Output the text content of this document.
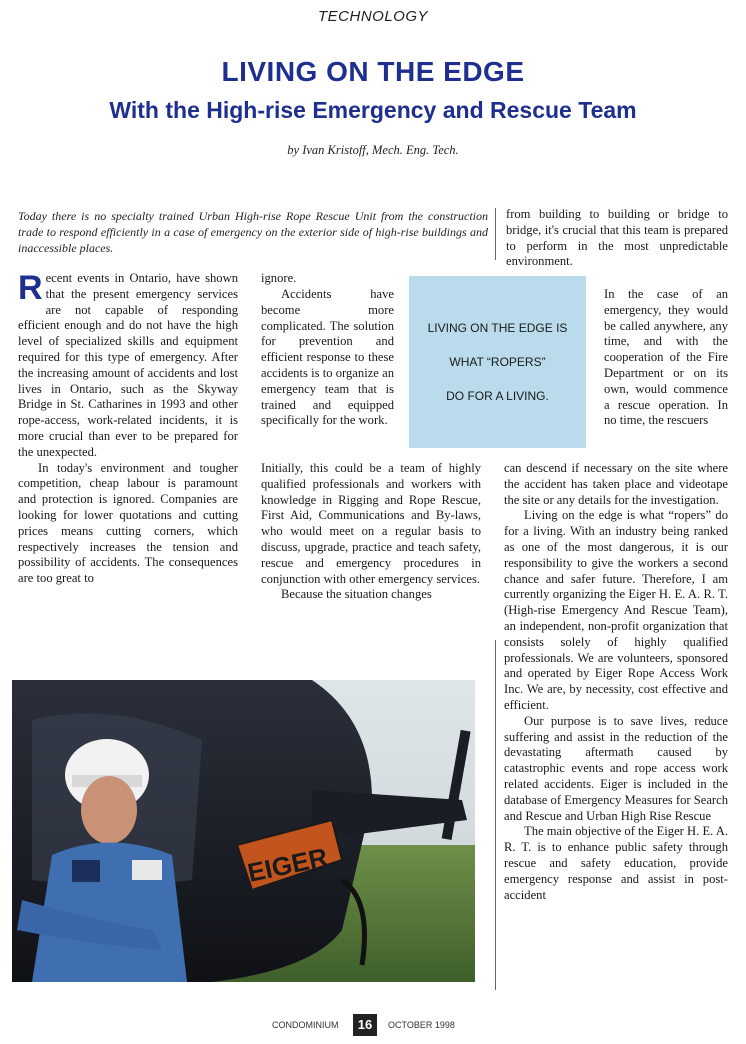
TECHNOLOGY
LIVING ON THE EDGE
With the High-rise Emergency and Rescue Team
by Ivan Kristoff, Mech. Eng. Tech.
Today there is no specialty trained Urban High-rise Rope Rescue Unit from the construction trade to respond efficiently in a case of emergency on the exterior side of high-rise buildings and inaccessible places.

Recent events in Ontario, have shown that the present emergency services are not capable of responding efficient enough and do not have the high level of specialized skills and equipment required for this type of emergency. After the increasing amount of accidents and lost lives in Ontario, such as the Skyway Bridge in St. Catharines in 1993 and other rope-access, work-related incidents, it is more crucial than ever to be prepared for the unexpected.

In today's environment and tougher competition, cheap labour is paramount and protection is ignored. Companies are looking for lower quotations and cutting prices means cutting corners, which respectively increases the tension and possibility of accidents. The consequences are too great to

ignore.

Accidents have become more complicated. The solution for prevention and efficient response to these accidents is to organize an emergency team that is trained and equipped specifically for the work.

Initially, this could be a team of highly qualified professionals and workers with knowledge in Rigging and Rope Rescue, First Aid, Communications and By-laws, who would meet on a regular basis to discuss, upgrade, practice and teach safety, rescue and emergency procedures in conjunction with other emergency services.

Because the situation changes

LIVING ON THE EDGE IS
WHAT “ROPERS”
DO FOR A LIVING.

from building to building or bridge to bridge, it's crucial that this team is prepared to perform in the most unpredictable environment.

In the case of an emergency, they would be called anywhere, any time, and with the cooperation of the Fire Department or on its own, would commence a rescue operation. In no time, the rescuers

can descend if necessary on the site where the accident has taken place and videotape the site or any details for the investigation.

Living on the edge is what “ropers” do for a living. With an industry being ranked as one of the most dangerous, it is our responsibility to give the workers a second chance and safer future. Therefore, I am currently organizing the Eiger H. E. A. R. T. (High-rise Emergency And Rescue Team), an independent, non-profit organization that consists solely of highly qualified professionals. We are volunteers, sponsored and operated by Eiger Rope Access Work Inc. We are, by necessity, cost effective and efficient.

Our purpose is to save lives, reduce suffering and assist in the reduction of the devastating aftermath caused by catastrophic events and rope access work related accidents. Eiger is included in the database of Emergency Measures for Search and Rescue and Urban High Rise Rescue

The main objective of the Eiger H. E. A. R. T. is to enhance public safety through rescue and safety education, provide emergency response and assist in post-accident

EIGER
CONDOMINIUM	16	OCTOBER 1998
